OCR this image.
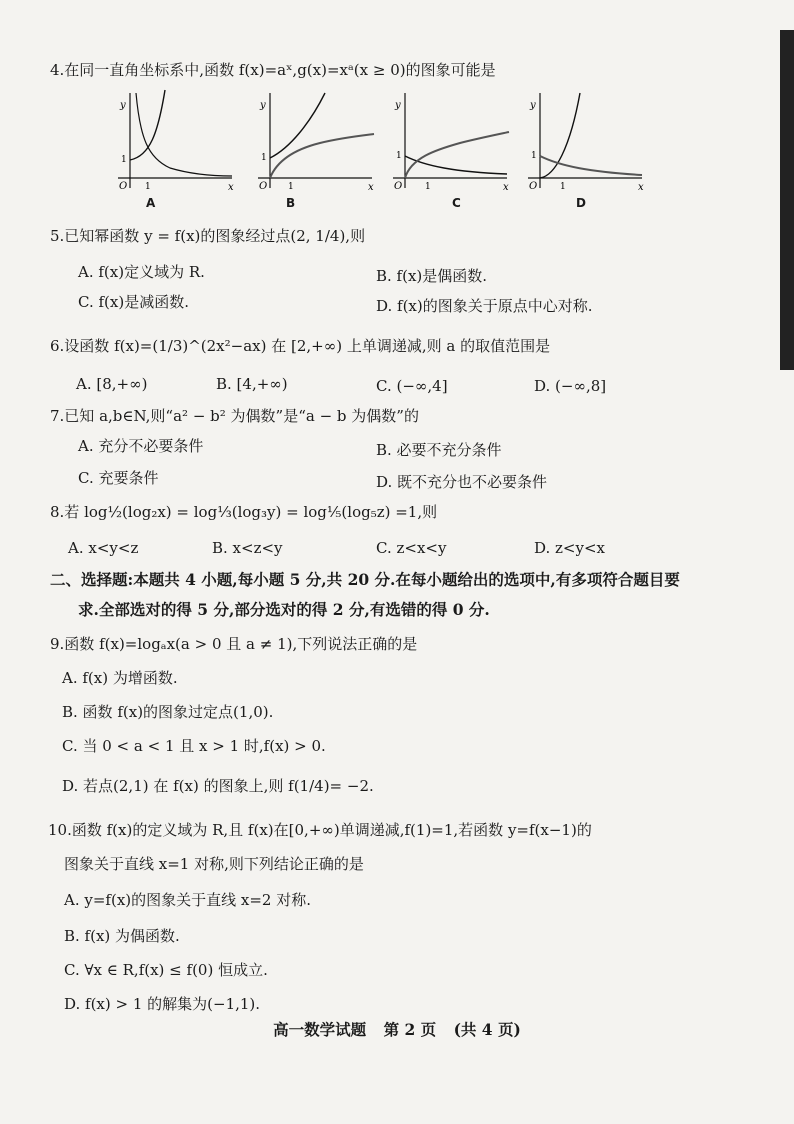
4.在同一直角坐标系中,函数 f(x)=aˣ,g(x)=xᵃ(x ≥ 0)的图象可能是
y
x
O 1
1
A
y
x
O 1
1
B
y
x
O	1
1
C
y
x
O	1
1
D
5.已知幂函数 y = f(x)的图象经过点(2, 1/4),则
A. f(x)定义域为 R.	B. f(x)是偶函数.
C. f(x)是减函数.	D. f(x)的图象关于原点中心对称.
6.设函数 f(x)=(1/3)^(2x²−ax) 在 [2,+∞) 上单调递减,则 a 的取值范围是
A. [8,+∞)	B. [4,+∞)	C. (−∞,4]	D. (−∞,8]
7.已知 a,b∈N,则“a² − b² 为偶数”是“a − b 为偶数”的
A. 充分不必要条件	B. 必要不充分条件
C. 充要条件	D. 既不充分也不必要条件
8.若 log½(log₂x) = log⅓(log₃y) = log⅕(log₅z) =1,则
A. x<y<z	B. x<z<y	C. z<x<y	D. z<y<x
二、选择题:本题共 4 小题,每小题 5 分,共 20 分.在每小题给出的选项中,有多项符合题目要
求.全部选对的得 5 分,部分选对的得 2 分,有选错的得 0 分.
9.函数 f(x)=logₐx(a > 0 且 a ≠ 1),下列说法正确的是
A. f(x) 为增函数.
B. 函数 f(x)的图象过定点(1,0).
C. 当 0 < a < 1 且 x > 1 时,f(x) > 0.
D. 若点(2,1) 在 f(x) 的图象上,则 f(1/4)= −2.
10.函数 f(x)的定义域为 R,且 f(x)在[0,+∞)单调递减,f(1)=1,若函数 y=f(x−1)的
图象关于直线 x=1 对称,则下列结论正确的是
A. y=f(x)的图象关于直线 x=2 对称.
B. f(x) 为偶函数.
C. ∀x ∈ R,f(x) ≤ f(0) 恒成立.
D. f(x) > 1 的解集为(−1,1).
高一数学试题 第 2 页 (共 4 页)
